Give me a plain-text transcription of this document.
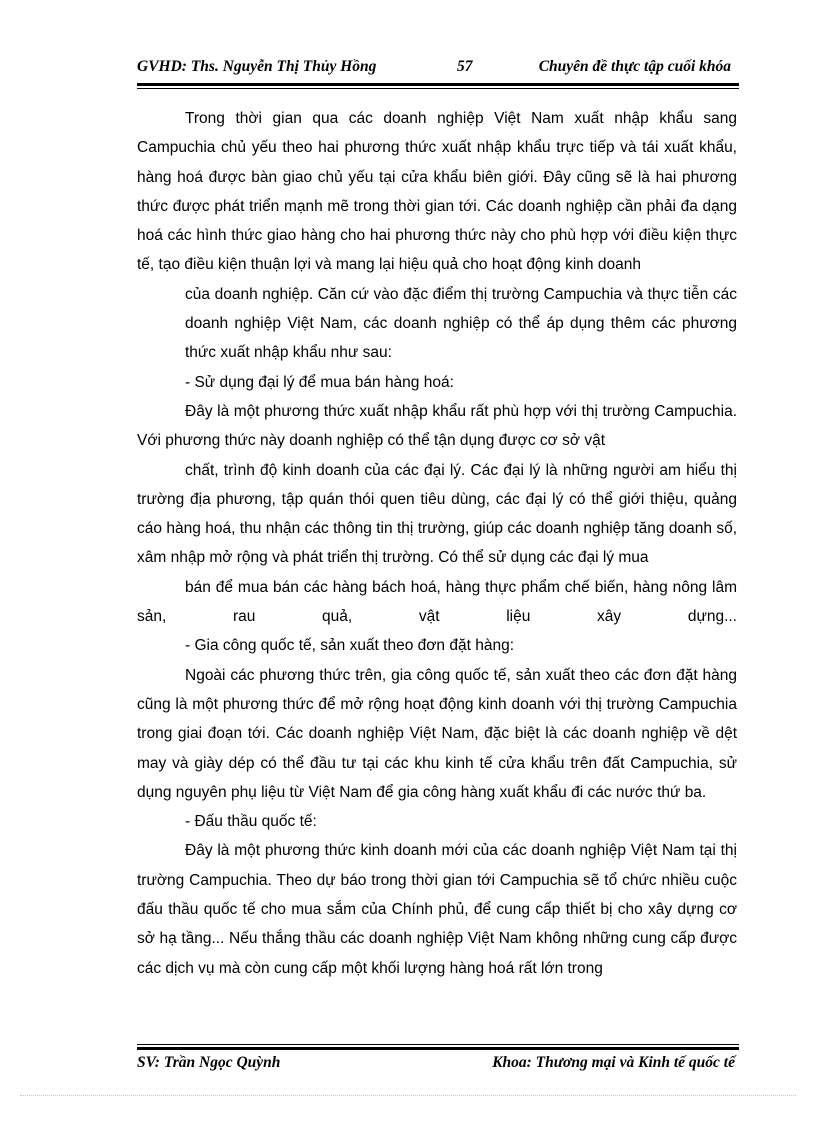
GVHD: Ths. Nguyễn Thị Thủy Hồng	57	Chuyên đề thực tập cuối khóa

Trong thời gian qua các doanh nghiệp Việt Nam xuất nhập khẩu sang Campuchia chủ yếu theo hai phương thức xuất nhập khẩu trực tiếp và tái xuất khẩu, hàng hoá được bàn giao chủ yếu tại cửa khẩu biên giới. Đây cũng sẽ là hai phương thức được phát triển mạnh mẽ trong thời gian tới. Các doanh nghiệp cần phải đa dạng hoá các hình thức giao hàng cho hai phương thức này cho phù hợp với điều kiện thực tế, tạo điều kiện thuận lợi và mang lại hiệu quả cho hoạt động kinh doanh

của doanh nghiệp. Căn cứ vào đặc điểm thị trường Campuchia và thực tiễn các doanh nghiệp Việt Nam, các doanh nghiệp có thể áp dụng thêm các phương thức xuất nhập khẩu như sau:

- Sử dụng đại lý để mua bán hàng hoá:

Đây là một phương thức xuất nhập khẩu rất phù hợp với thị trường Campuchia. Với phương thức này doanh nghiệp có thể tận dụng được cơ sở vật

chất, trình độ kinh doanh của các đại lý. Các đại lý là những người am hiểu thị trường địa phương, tập quán thói quen tiêu dùng, các đại lý có thể giới thiệu, quảng cáo hàng hoá, thu nhận các thông tin thị trường, giúp các doanh nghiệp tăng doanh số, xâm nhập mở rộng và phát triển thị trường. Có thể sử dụng các đại lý mua

bán để mua bán các hàng bách hoá, hàng thực phẩm chế biến, hàng nông lâm sản, rau quả, vật liệu xây dựng...

- Gia công quốc tế, sản xuất theo đơn đặt hàng:

Ngoài các phương thức trên, gia công quốc tế, sản xuất theo các đơn đặt hàng cũng là một phương thức để mở rộng hoạt động kinh doanh với thị trường Campuchia trong giai đoạn tới. Các doanh nghiệp Việt Nam, đặc biệt là các doanh nghiệp về dệt may và giày dép có thể đầu tư tại các khu kinh tế cửa khẩu trên đất Campuchia, sử dụng nguyên phụ liệu từ Việt Nam để gia công hàng xuất khẩu đi các nước thứ ba.

- Đấu thầu quốc tế:

Đây là một phương thức kinh doanh mới của các doanh nghiệp Việt Nam tại thị trường Campuchia. Theo dự báo trong thời gian tới Campuchia sẽ tổ chức nhiều cuộc đấu thầu quốc tế cho mua sắm của Chính phủ, để cung cấp thiết bị cho xây dựng cơ sở hạ tầng... Nếu thắng thầu các doanh nghiệp Việt Nam không những cung cấp được các dịch vụ mà còn cung cấp một khối lượng hàng hoá rất lớn trong

SV: Trần Ngọc Quỳnh	Khoa: Thương mại và Kinh tế quốc tế
